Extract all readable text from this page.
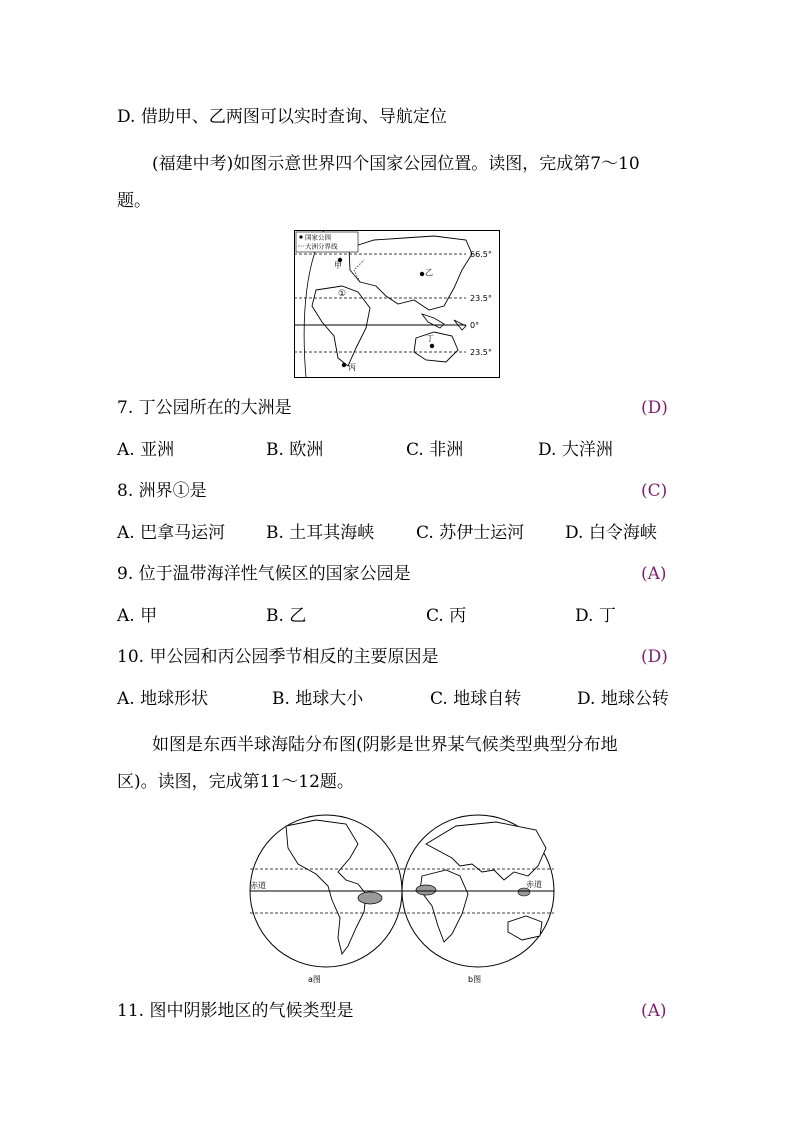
D. 借助甲、乙两图可以实时查询、导航定位
(福建中考)如图示意世界四个国家公园位置。读图，完成第7～10
题。
国家公园
大洲分界线
甲
乙
丙
丁
①
66.5°
23.5°
0°
23.5°
7. 丁公园所在的大洲是	(D)
A. 亚洲	B. 欧洲	C. 非洲	D. 大洋洲
8. 洲界①是	(C)
A. 巴拿马运河 B. 土耳其海峡 C. 苏伊士运河 D. 白令海峡
9. 位于温带海洋性气候区的国家公园是	(A)
A. 甲	B. 乙	C. 丙	D. 丁
10. 甲公园和丙公园季节相反的主要原因是	(D)
A. 地球形状	B. 地球大小	C. 地球自转	D. 地球公转
如图是东西半球海陆分布图(阴影是世界某气候类型典型分布地
区)。读图，完成第11～12题。
赤道
a图
赤道
b图
11. 图中阴影地区的气候类型是	(A)
